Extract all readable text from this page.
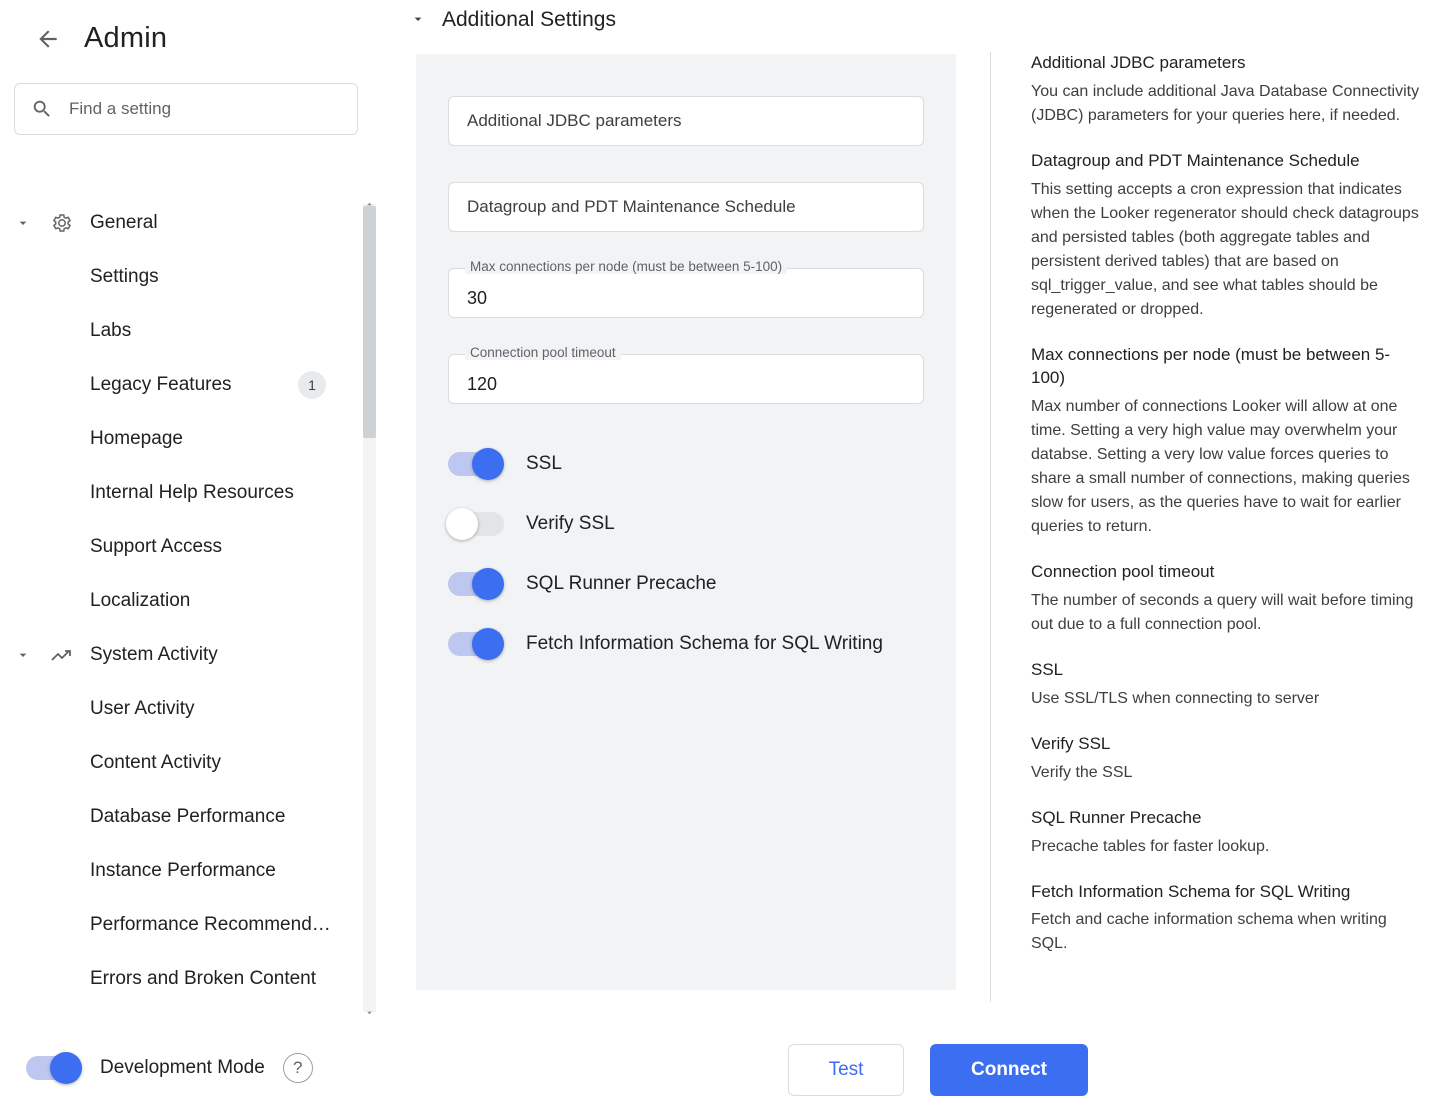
Admin
Find a setting
General
Settings
Labs
Legacy Features	1
Homepage
Internal Help Resources
Support Access
Localization
System Activity
User Activity
Content Activity
Database Performance
Instance Performance
Performance Recommend…
Errors and Broken Content
Development Mode ?
Additional Settings
Additional JDBC parameters
Datagroup and PDT Maintenance Schedule
Max connections per node (must be between 5-100)
30
Connection pool timeout
120
SSL
Verify SSL
SQL Runner Precache
Fetch Information Schema for SQL Writing
Test	Connect
Additional JDBC parameters
You can include additional Java Database Connectivity (JDBC) parameters for your queries here, if needed.
Datagroup and PDT Maintenance Schedule
This setting accepts a cron expression that indicates when the Looker regenerator should check datagroups and persisted tables (both aggregate tables and persistent derived tables) that are based on sql_trigger_value, and see what tables should be regenerated or dropped.
Max connections per node (must be between 5-100)
Max number of connections Looker will allow at one time. Setting a very high value may overwhelm your databse. Setting a very low value forces queries to share a small number of connections, making queries slow for users, as the queries have to wait for earlier queries to return.
Connection pool timeout
The number of seconds a query will wait before timing out due to a full connection pool.
SSL
Use SSL/TLS when connecting to server
Verify SSL
Verify the SSL
SQL Runner Precache
Precache tables for faster lookup.
Fetch Information Schema for SQL Writing
Fetch and cache information schema when writing SQL.
